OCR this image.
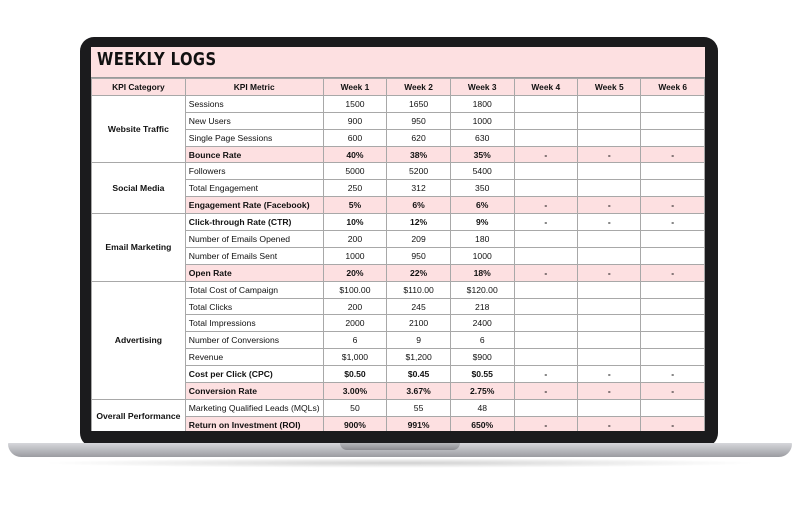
WEEKLY LOGS
KPI Category	KPI Metric	Week 1	Week 2	Week 3	Week 4	Week 5	Week 6
Website Traffic	Sessions	1500	1650	1800			
	New Users	900	950	1000			
	Single Page Sessions	600	620	630			
	Bounce Rate	40%	38%	35%	-	-	-
Social Media	Followers	5000	5200	5400			
	Total Engagement	250	312	350			
	Engagement Rate (Facebook)	5%	6%	6%	-	-	-
Email Marketing	Click-through Rate (CTR)	10%	12%	9%	-	-	-
	Number of Emails Opened	200	209	180			
	Number of Emails Sent	1000	950	1000			
	Open Rate	20%	22%	18%	-	-	-
Advertising	Total Cost of Campaign	$100.00	$110.00	$120.00			
	Total Clicks	200	245	218			
	Total Impressions	2000	2100	2400			
	Number of Conversions	6	9	6			
	Revenue	$1,000	$1,200	$900			
	Cost per Click (CPC)	$0.50	$0.45	$0.55	-	-	-
	Conversion Rate	3.00%	3.67%	2.75%	-	-	-
Overall Performance	Marketing Qualified Leads (MQLs)	50	55	48			
	Return on Investment (ROI)	900%	991%	650%	-	-	-
